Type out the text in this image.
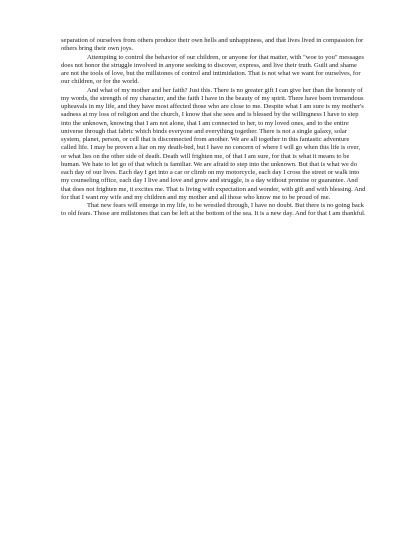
separation of ourselves from others produce their own hells and unhappiness, and that lives lived in compassion for others bring their own joys.

Attempting to control the behavior of our children, or anyone for that matter, with "woe to you" messages does not honor the struggle involved in anyone seeking to discover, express, and live their truth. Guilt and shame are not the tools of love, but the millstones of control and intimidation. That is not what we want for ourselves, for our children, or for the world.

And what of my mother and her faith? Just this. There is no greater gift I can give her than the honesty of my words, the strength of my character, and the faith I have in the beauty of my spirit. There have been tremendous upheavals in my life, and they have most affected those who are close to me. Despite what I am sure is my mother's sadness at my loss of religion and the church, I know that she sees and is blessed by the willingness I have to step into the unknown, knowing that I am not alone, that I am connected to her, to my loved ones, and to the entire universe through that fabric which binds everyone and everything together. There is not a single galaxy, solar system, planet, person, or cell that is disconnected from another. We are all together in this fantastic adventure called life. I may be proven a liar on my death-bed, but I have no concern of where I will go when this life is over, or what lies on the other side of death. Death will frighten me, of that I am sure, for that is what it means to be human. We hate to let go of that which is familiar. We are afraid to step into the unknown. But that is what we do each day of our lives. Each day I get into a car or climb on my motorcycle, each day I cross the street or walk into my counseling office, each day I live and love and grow and struggle, is a day without promise or guarantee. And that does not frighten me, it excites me. That is living with expectation and wonder, with gift and with blessing. And for that I want my wife and my children and my mother and all those who know me to be proud of me.

That new fears will emerge in my life, to be wrestled through, I have no doubt. But there is no going back to old fears. Those are millstones that can be left at the bottom of the sea. It is a new day. And for that I am thankful.
